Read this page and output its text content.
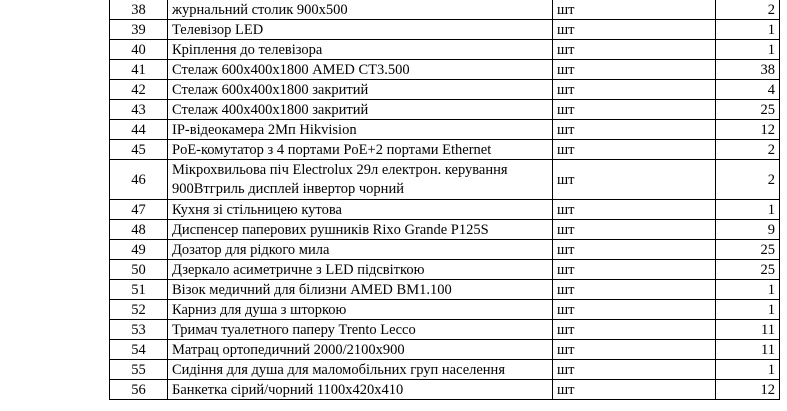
38	журнальний столик 900х500	шт	2
39	Телевізор LED	шт	1
40	Кріплення до телевізора	шт	1
41	Стелаж 600х400х1800 AMED СТ3.500	шт	38
42	Стелаж 600х400х1800 закритий	шт	4
43	Стелаж 400х400х1800 закритий	шт	25
44	IP-відеокамера 2Мп Hikvision	шт	12
45	PoE-комутатор з 4 портами PoE+2 портами Ethernet	шт	2
46	Мікрохвильова піч Electrolux 29л електрон. керування 900Втгриль дисплей інвертор чорний	шт	2
47	Кухня зі стільницею кутова	шт	1
48	Диспенсер паперових рушників Rixo Grande P125S	шт	9
49	Дозатор для рідкого мила	шт	25
50	Дзеркало асиметричне з LED підсвіткою	шт	25
51	Візок медичний для білизни AMED BM1.100	шт	1
52	Карниз для душа з шторкою	шт	1
53	Тримач туалетного паперу Trento Lecco	шт	11
54	Матрац ортопедичний 2000/2100х900	шт	11
55	Сидіння для душа для маломобільних груп населення	шт	1
56	Банкетка сірий/чорний 1100х420х410	шт	12
